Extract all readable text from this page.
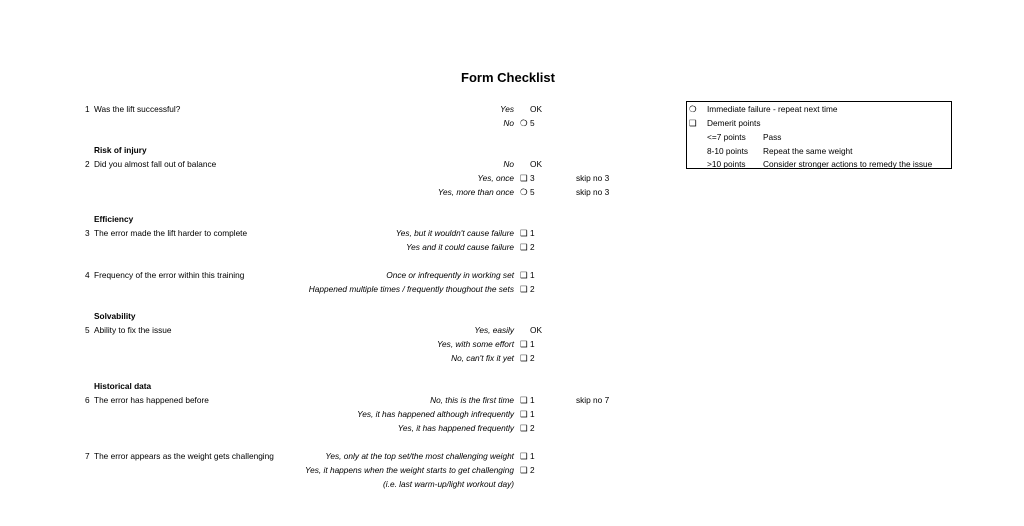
Form Checklist
1 Was the lift successful?	Yes	OK
No ❍ 5
Risk of injury
2 Did you almost fall out of balance	No	OK
Yes, once ❑ 3	skip no 3
Yes, more than once ❍ 5	skip no 3
Efficiency
3 The error made the lift harder to complete	Yes, but it wouldn't cause failure ❑ 1
Yes and it could cause failure ❑ 2
4 Frequency of the error within this training	Once or infrequently in working set ❑ 1
Happened multiple times / frequently thoughout the sets ❑ 2
Solvability
5 Ability to fix the issue	Yes, easily	OK
Yes, with some effort ❑ 1
No, can't fix it yet ❑ 2
Historical data
6 The error has happened before	No, this is the first time ❑ 1	skip no 7
Yes, it has happened although infrequently ❑ 1
Yes, it has happened frequently ❑ 2
7 The error appears as the weight gets challenging	Yes, only at the top set/the most challenging weight ❑ 1
Yes, it happens when the weight starts to get challenging ❑ 2
(i.e. last warm-up/light workout day)
❍ Immediate failure - repeat next time
❑ Demerit points
<=7 points Pass
8-10 points Repeat the same weight
>10 points Consider stronger actions to remedy the issue
